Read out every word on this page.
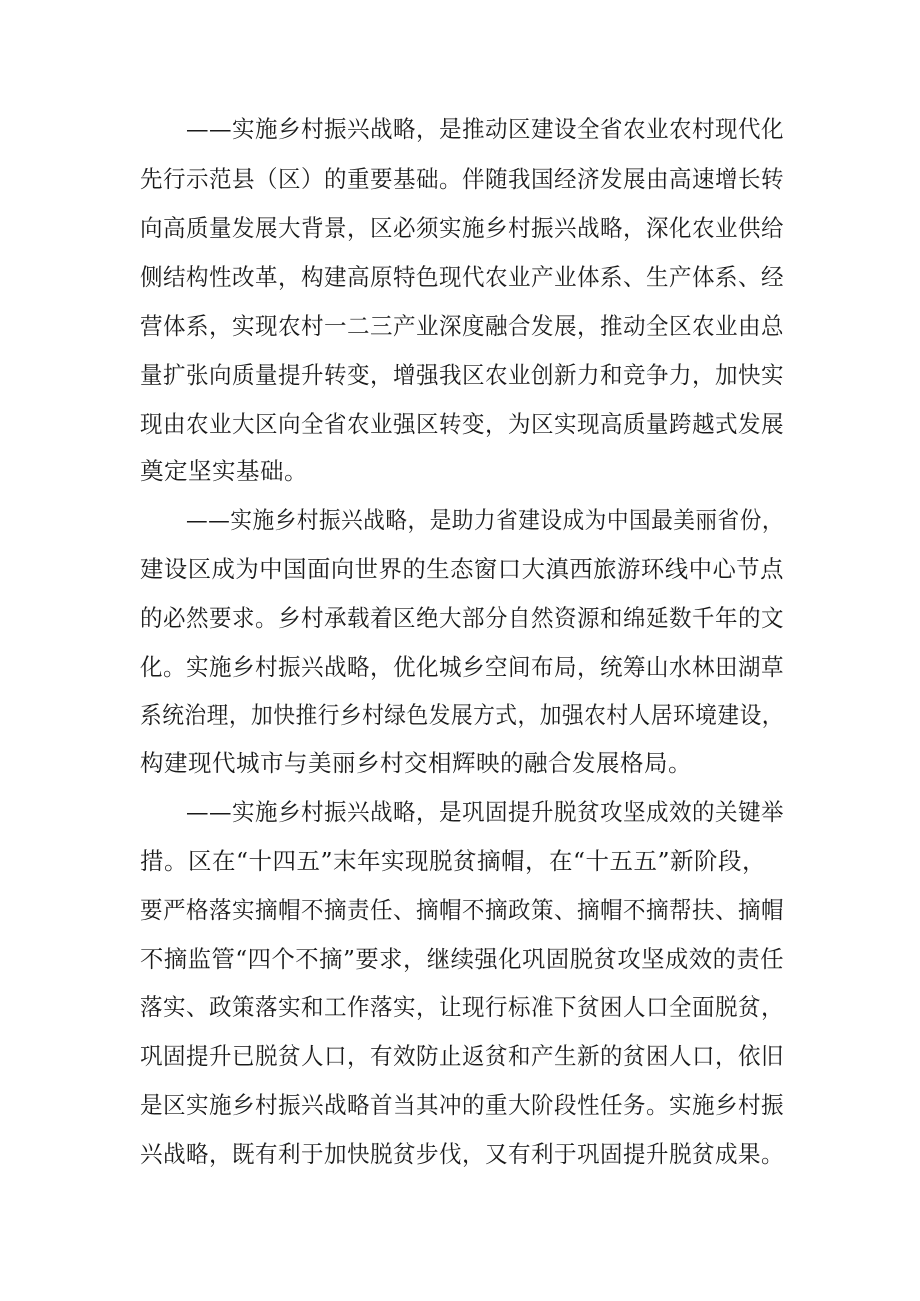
——实施乡村振兴战略，是推动区建设全省农业农村现代化
先行示范县（区）的重要基础。伴随我国经济发展由高速增长转
向高质量发展大背景，区必须实施乡村振兴战略，深化农业供给
侧结构性改革，构建高原特色现代农业产业体系、生产体系、经
营体系，实现农村一二三产业深度融合发展，推动全区农业由总
量扩张向质量提升转变，增强我区农业创新力和竞争力，加快实
现由农业大区向全省农业强区转变，为区实现高质量跨越式发展
奠定坚实基础。
——实施乡村振兴战略，是助力省建设成为中国最美丽省份，
建设区成为中国面向世界的生态窗口大滇西旅游环线中心节点
的必然要求。乡村承载着区绝大部分自然资源和绵延数千年的文
化。实施乡村振兴战略，优化城乡空间布局，统筹山水林田湖草
系统治理，加快推行乡村绿色发展方式，加强农村人居环境建设，
构建现代城市与美丽乡村交相辉映的融合发展格局。
——实施乡村振兴战略，是巩固提升脱贫攻坚成效的关键举
措。区在“十四五”末年实现脱贫摘帽，在“十五五”新阶段，
要严格落实摘帽不摘责任、摘帽不摘政策、摘帽不摘帮扶、摘帽
不摘监管“四个不摘”要求，继续强化巩固脱贫攻坚成效的责任
落实、政策落实和工作落实，让现行标准下贫困人口全面脱贫，
巩固提升已脱贫人口，有效防止返贫和产生新的贫困人口，依旧
是区实施乡村振兴战略首当其冲的重大阶段性任务。实施乡村振
兴战略，既有利于加快脱贫步伐，又有利于巩固提升脱贫成果。
